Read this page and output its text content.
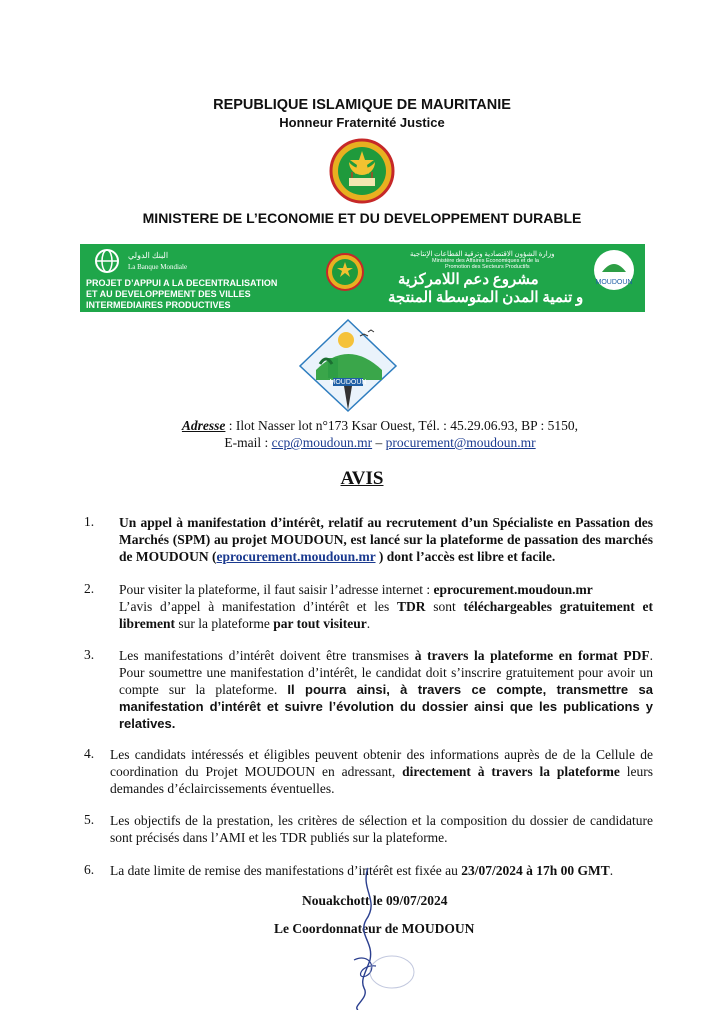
REPUBLIQUE ISLAMIQUE DE MAURITANIE
Honneur Fraternité Justice
MINISTERE DE L’ECONOMIE ET DU DEVELOPPEMENT DURABLE
البنك الدولي
La Banque Mondiale
PROJET D’APPUI A LA DECENTRALISATION
ET AU DEVELOPPEMENT DES VILLES
INTERMEDIAIRES PRODUCTIVES
وزارة الشؤون الاقتصادية وترقية القطاعات الإنتاجية
Ministère des Affaires Economiques et de la
Promotion des Secteurs Productifs
مشروع دعم اللامركزية
و تنمية المدن المتوسطة المنتجة
MOUDOUN
MOUDOUN
Adresse : Ilot Nasser lot n°173 Ksar Ouest, Tél. : 45.29.06.93, BP : 5150,
E-mail : ccp@moudoun.mr – procurement@moudoun.mr
AVIS
1. Un appel à manifestation d’intérêt, relatif au recrutement d’un Spécialiste en Passation des Marchés (SPM) au projet MOUDOUN, est lancé sur la plateforme de passation des marchés de MOUDOUN (eprocurement.moudoun.mr ) dont l’accès est libre et facile.
2. Pour visiter la plateforme, il faut saisir l’adresse internet : eprocurement.moudoun.mr
L’avis d’appel à manifestation d’intérêt et les TDR sont téléchargeables gratuitement et librement sur la plateforme par tout visiteur.
3. Les manifestations d’intérêt doivent être transmises à travers la plateforme en format PDF. Pour soumettre une manifestation d’intérêt, le candidat doit s’inscrire gratuitement pour avoir un compte sur la plateforme. Il pourra ainsi, à travers ce compte, transmettre sa manifestation d’intérêt et suivre l’évolution du dossier ainsi que les publications y relatives.
4. Les candidats intéressés et éligibles peuvent obtenir des informations auprès de de la Cellule de coordination du Projet MOUDOUN en adressant, directement à travers la plateforme leurs demandes d’éclaircissements éventuelles.
5. Les objectifs de la prestation, les critères de sélection et la composition du dossier de candidature sont précisés dans l’AMI et les TDR publiés sur la plateforme.
6. La date limite de remise des manifestations d’intérêt est fixée au 23/07/2024 à 17h 00 GMT.
Nouakchott le 09/07/2024
Le Coordonnateur de MOUDOUN
